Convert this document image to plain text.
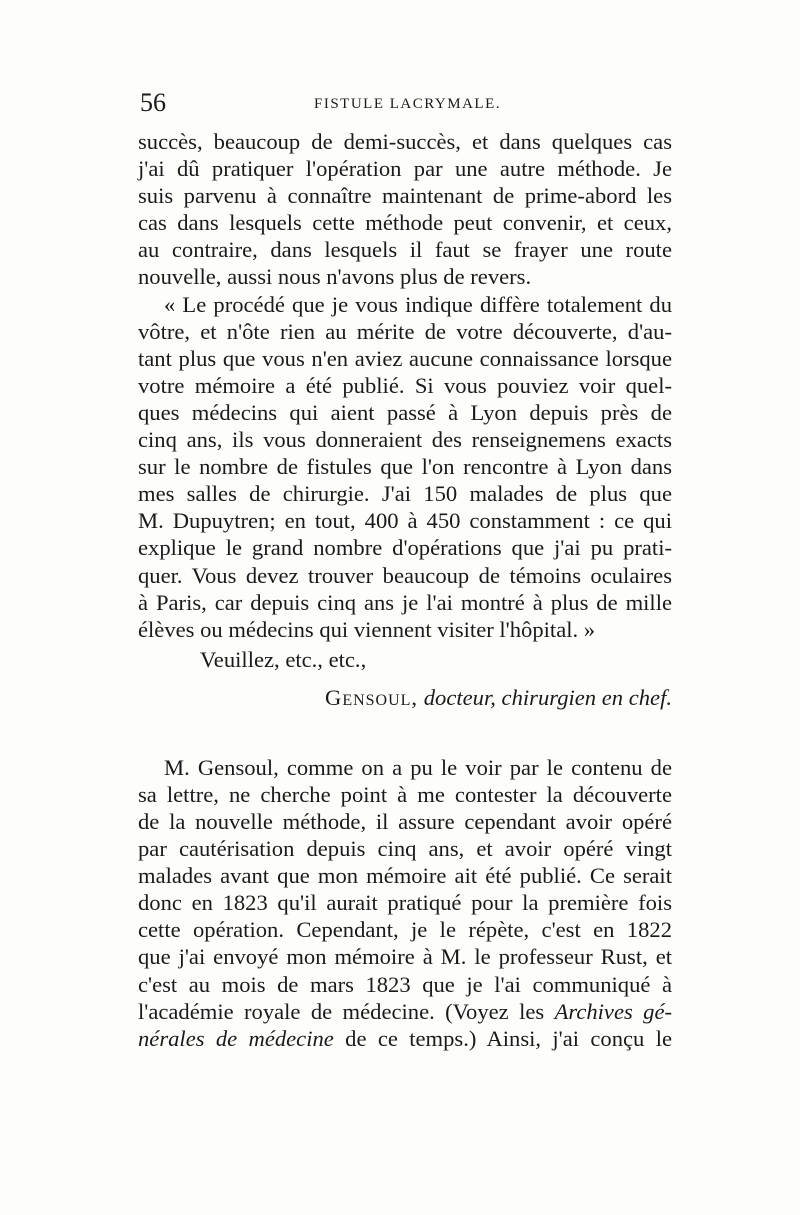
56	FISTULE LACRYMALE.
succès, beaucoup de demi-succès, et dans quelques cas
j'ai dû pratiquer l'opération par une autre méthode. Je
suis parvenu à connaître maintenant de prime-abord les
cas dans lesquels cette méthode peut convenir, et ceux,
au contraire, dans lesquels il faut se frayer une route
nouvelle, aussi nous n'avons plus de revers.
« Le procédé que je vous indique diffère totalement du
vôtre, et n'ôte rien au mérite de votre découverte, d'au-
tant plus que vous n'en aviez aucune connaissance lorsque
votre mémoire a été publié. Si vous pouviez voir quel-
ques médecins qui aient passé à Lyon depuis près de
cinq ans, ils vous donneraient des renseignemens exacts
sur le nombre de fistules que l'on rencontre à Lyon dans
mes salles de chirurgie. J'ai 150 malades de plus que
M. Dupuytren; en tout, 400 à 450 constamment : ce qui
explique le grand nombre d'opérations que j'ai pu prati-
quer. Vous devez trouver beaucoup de témoins oculaires
à Paris, car depuis cinq ans je l'ai montré à plus de mille
élèves ou médecins qui viennent visiter l'hôpital. »
Veuillez, etc., etc.,
Gensoul, docteur, chirurgien en chef.
M. Gensoul, comme on a pu le voir par le contenu de
sa lettre, ne cherche point à me contester la découverte
de la nouvelle méthode, il assure cependant avoir opéré
par cautérisation depuis cinq ans, et avoir opéré vingt
malades avant que mon mémoire ait été publié. Ce serait
donc en 1823 qu'il aurait pratiqué pour la première fois
cette opération. Cependant, je le répète, c'est en 1822
que j'ai envoyé mon mémoire à M. le professeur Rust, et
c'est au mois de mars 1823 que je l'ai communiqué à
l'académie royale de médecine. (Voyez les Archives gé-
nérales de médecine de ce temps.) Ainsi, j'ai conçu le
